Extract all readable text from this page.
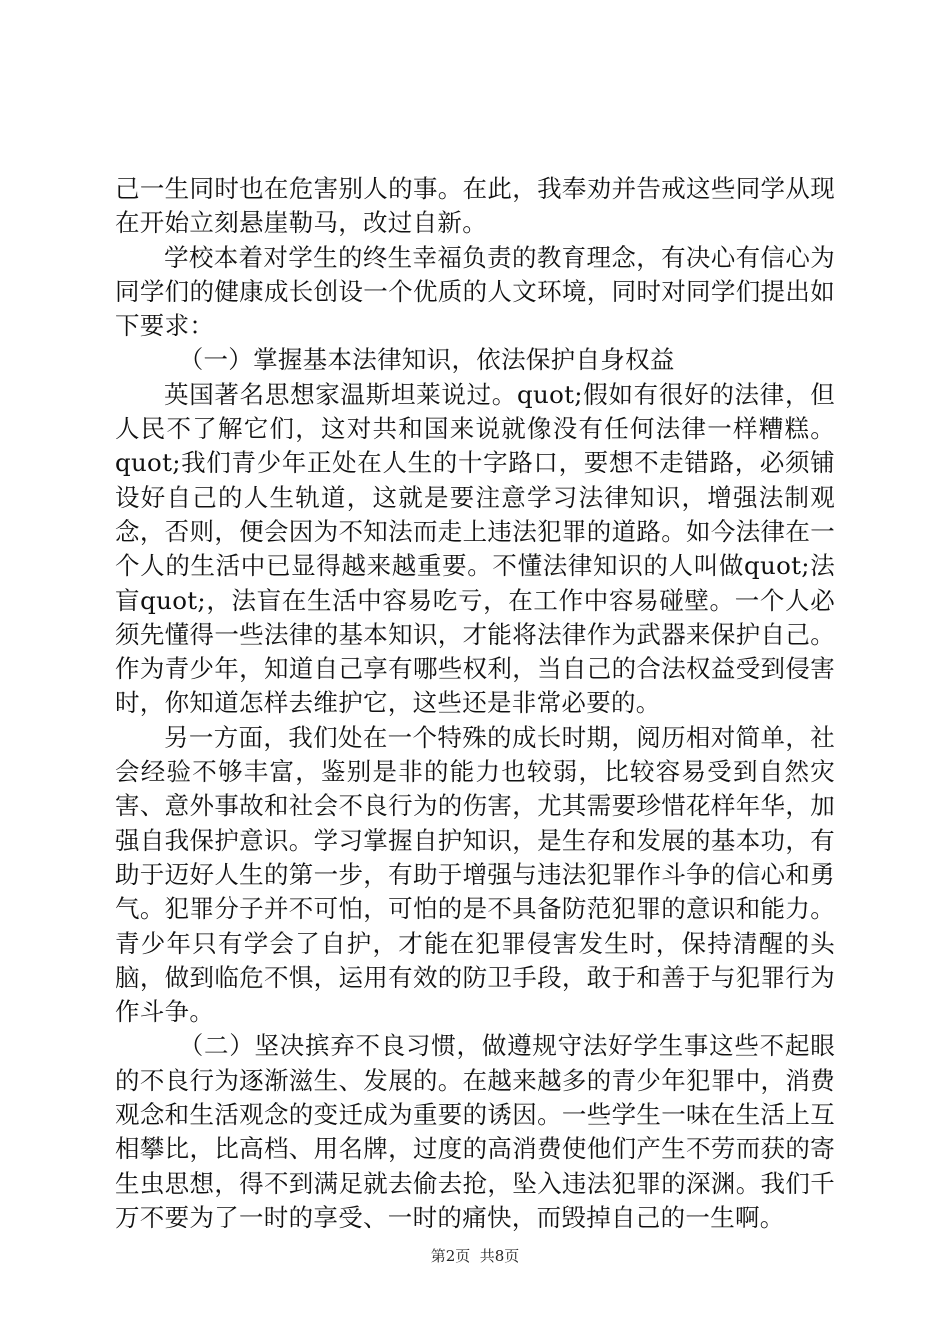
己一生同时也在危害别人的事。在此，我奉劝并告戒这些同学从现在开始立刻悬崖勒马，改过自新。

学校本着对学生的终生幸福负责的教育理念，有决心有信心为同学们的健康成长创设一个优质的人文环境，同时对同学们提出如下要求：

（一）掌握基本法律知识，依法保护自身权益

英国著名思想家温斯坦莱说过。quot;假如有很好的法律，但人民不了解它们，这对共和国来说就像没有任何法律一样糟糕。quot;我们青少年正处在人生的十字路口，要想不走错路，必须铺设好自己的人生轨道，这就是要注意学习法律知识，增强法制观念，否则，便会因为不知法而走上违法犯罪的道路。如今法律在一个人的生活中已显得越来越重要。不懂法律知识的人叫做quot;法盲quot;，法盲在生活中容易吃亏，在工作中容易碰壁。一个人必须先懂得一些法律的基本知识，才能将法律作为武器来保护自己。作为青少年，知道自己享有哪些权利，当自己的合法权益受到侵害时，你知道怎样去维护它，这些还是非常必要的。

另一方面，我们处在一个特殊的成长时期，阅历相对简单，社会经验不够丰富，鉴别是非的能力也较弱，比较容易受到自然灾害、意外事故和社会不良行为的伤害，尤其需要珍惜花样年华，加强自我保护意识。学习掌握自护知识，是生存和发展的基本功，有助于迈好人生的第一步，有助于增强与违法犯罪作斗争的信心和勇气。犯罪分子并不可怕，可怕的是不具备防范犯罪的意识和能力。青少年只有学会了自护，才能在犯罪侵害发生时，保持清醒的头脑，做到临危不惧，运用有效的防卫手段，敢于和善于与犯罪行为作斗争。

（二）坚决摈弃不良习惯，做遵规守法好学生事这些不起眼的不良行为逐渐滋生、发展的。在越来越多的青少年犯罪中，消费观念和生活观念的变迁成为重要的诱因。一些学生一味在生活上互相攀比，比高档、用名牌，过度的高消费使他们产生不劳而获的寄生虫思想，得不到满足就去偷去抢，坠入违法犯罪的深渊。我们千万不要为了一时的享受、一时的痛快，而毁掉自己的一生啊。

第2页  共8页
